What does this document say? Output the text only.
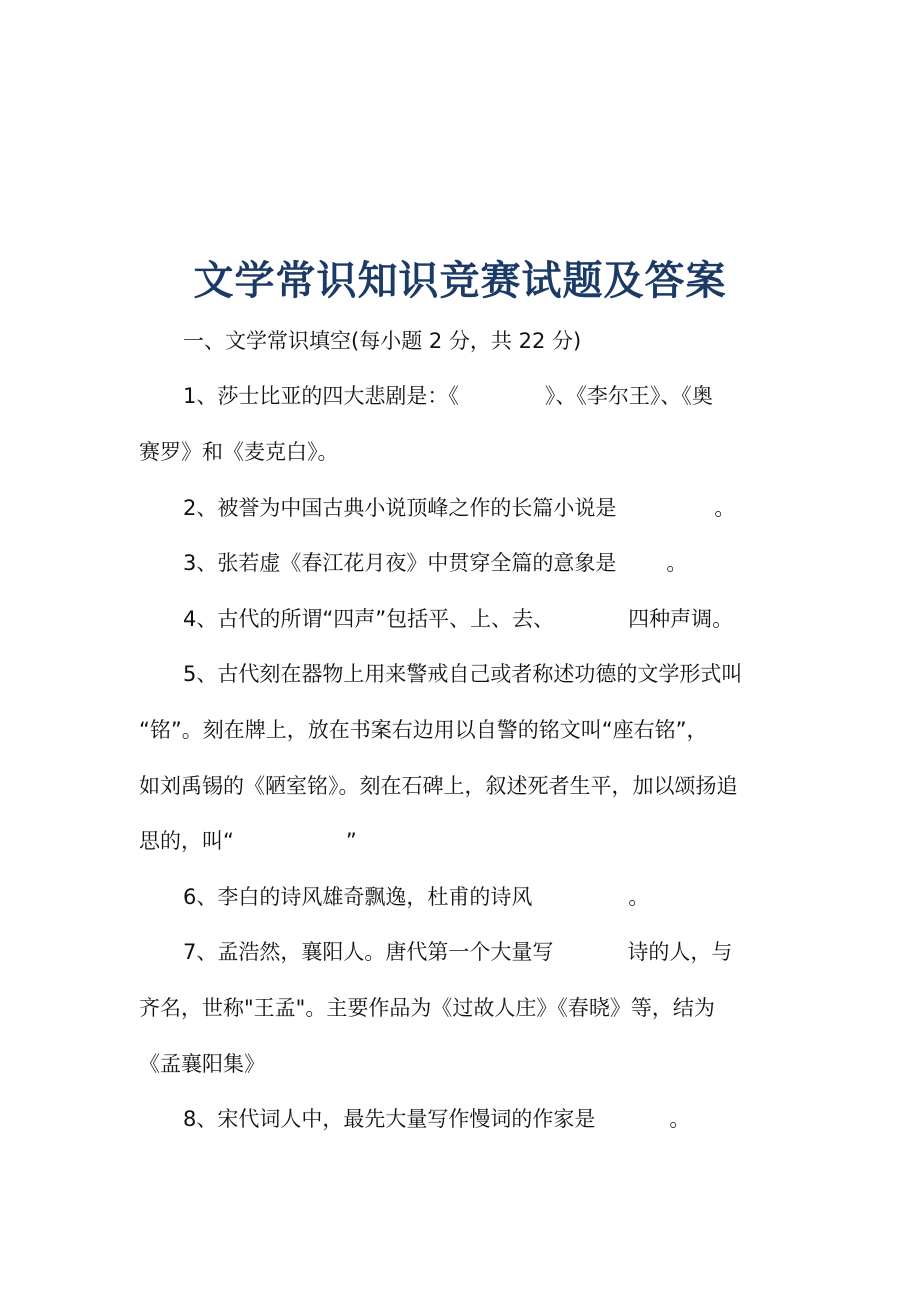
文学常识知识竞赛试题及答案

一、文学常识填空(每小题 2 分，共 22 分)

1、莎士比亚的四大悲剧是：《	》、《李尔王》、《奥

赛罗》和《麦克白》。

2、被誉为中国古典小说顶峰之作的长篇小说是	。

3、张若虚《春江花月夜》中贯穿全篇的意象是 。

4、古代的所谓“四声”包括平、上、去、	四种声调。

5、古代刻在器物上用来警戒自己或者称述功德的文学形式叫

“铭”。刻在牌上，放在书案右边用以自警的铭文叫“座右铭”，

如刘禹锡的《陋室铭》。刻在石碑上，叙述死者生平，加以颂扬追

思的，叫“	”

6、李白的诗风雄奇飘逸，杜甫的诗风	。

7、孟浩然，襄阳人。唐代第一个大量写	诗的人，与

齐名，世称"王孟"。主要作品为《过故人庄》《春晓》等，结为

《孟襄阳集》

8、宋代词人中，最先大量写作慢词的作家是	。
